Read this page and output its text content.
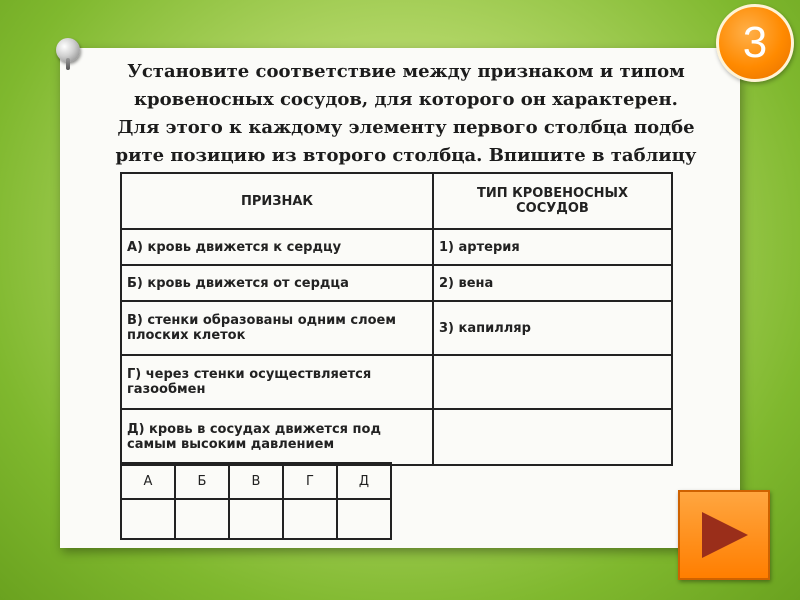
3

Установите соответствие между признаком и типом
кровеносных сосудов, для которого он характерен.
Для этого к каждому элементу первого столбца подбе
рите позицию из второго столбца. Впишите в таблицу

ПРИЗНАК	ТИП КРОВЕНОСНЫХ СОСУДОВ
А) кровь движется к сердцу	1) артерия
Б) кровь движется от сердца	2) вена
В) стенки образованы одним слоем плоских клеток	3) капилляр
Г) через стенки осуществляется газообмен	
Д) кровь в сосудах движется под самым высоким давлением	
А	Б	В	Г	Д
